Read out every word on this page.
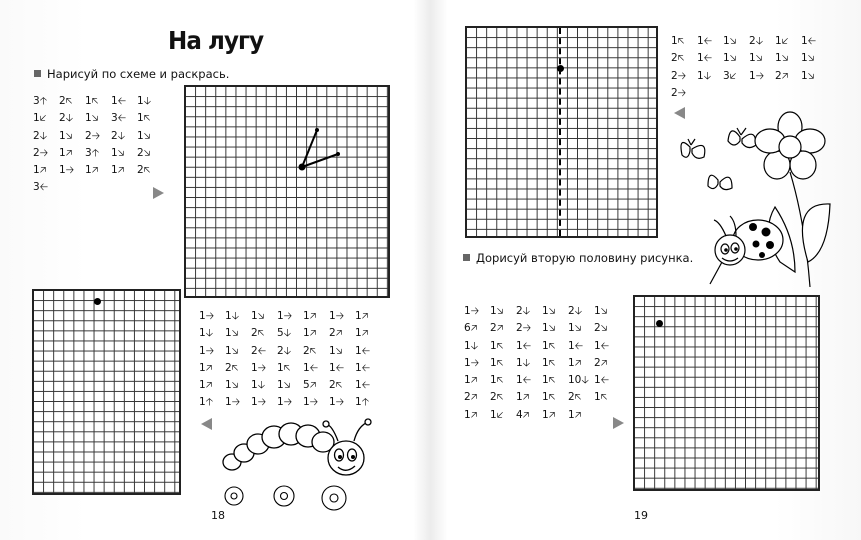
На лугу
Нарисуй по схеме и раскрась.
3🡡 2🡤 1🡤 1🡠 1🡣
1🡧 2🡣 1🡦 3🡠 1🡤
2🡣 1🡦 2🡢 2🡣 1🡦
2🡢 1🡥 3🡡 1🡦 2🡦
1🡥 1🡢 1🡥 1🡥 2🡤
3🡠
1🡢 1🡣 1🡦 1🡢 1🡥 1🡢 1🡥
1🡣 1🡦 2🡤 5🡣 1🡥 2🡥 1🡥
1🡢 1🡦 2🡠 2🡣 2🡤 1🡦 1🡠
1🡥 2🡤 1🡢 1🡤 1🡠 1🡠 1🡠
1🡥 1🡦 1🡣 1🡦 5🡥 2🡤 1🡠
1🡡 1🡢 1🡢 1🡢 1🡢 1🡢 1🡡
18
1🡤 1🡠 1🡦 2🡣 1🡧 1🡠
2🡤 1🡠 1🡦 1🡦 1🡦 1🡦
2🡢 1🡣 3🡧 1🡢 2🡥 1🡦
2🡢
Дорисуй вторую половину рисунка.
1🡢 1🡦 2🡣 1🡦 2🡣 1🡦
6🡥 2🡥 2🡢 1🡦 1🡦 2🡦
1🡣 1🡤 1🡠 1🡤 1🡠 1🡠
1🡢 1🡤 1🡣 1🡤 1🡥 2🡥
1🡥 1🡤 1🡠 1🡤 10🡣 1🡠
2🡥 2🡤 1🡥 1🡤 2🡤 1🡤
1🡥 1🡧 4🡥 1🡥 1🡥
19
